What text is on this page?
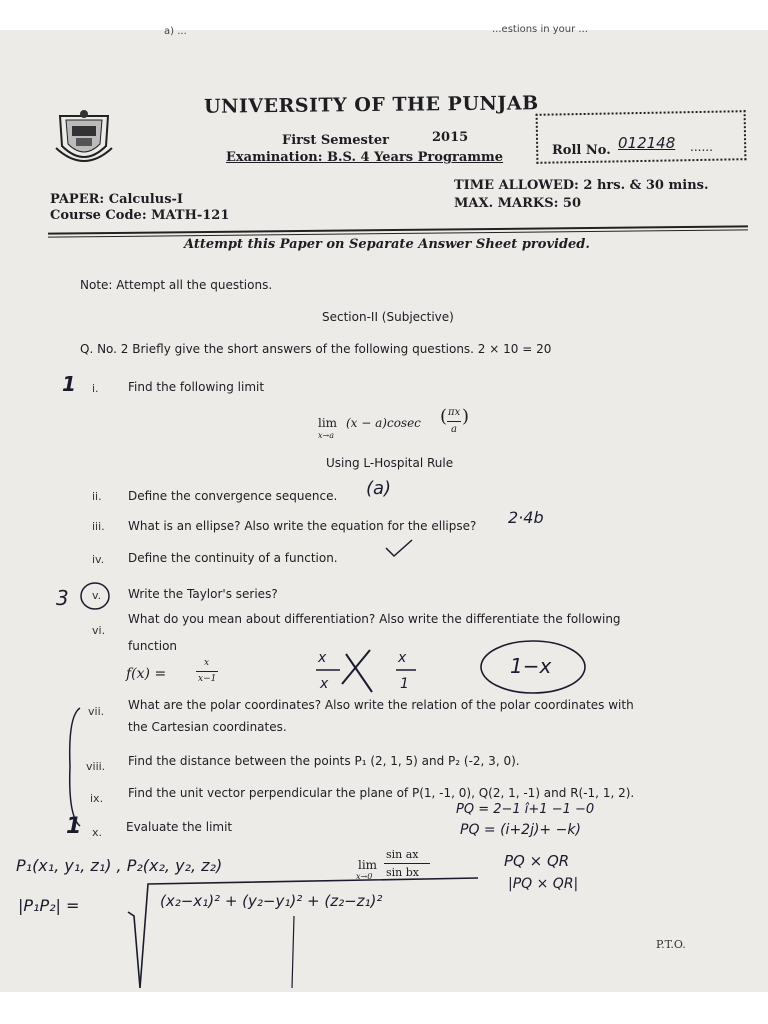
a) ...	...estions in your ...
UNIVERSITY OF THE PUNJAB
First Semester	2015
Examination: B.S. 4 Years Programme	Roll No. 012148 ......
PAPER: Calculus-I
Course Code: MATH-121
TIME ALLOWED: 2 hrs. & 30 mins.
MAX. MARKS: 50
Attempt this Paper on Separate Answer Sheet provided.
Note: Attempt all the questions.
Section-II (Subjective)
Q. No. 2 Briefly give the short answers of the following questions. 2 × 10 = 20
1 i. Find the following limit
lim
x→a
(x − a)cosec ( πx
a
)
Using L-Hospital Rule
ii. Define the convergence sequence. (a)
iii. What is an ellipse? Also write the equation for the ellipse? 2·4b
iv. Define the continuity of a function.
3 v. Write the Taylor's series?
vi.
What do you mean about differentiation? Also write the differentiate the following
function
f(x) =
x
x−1
x
x
x
1
1−x
vii. What are the polar coordinates? Also write the relation of the polar coordinates with
the Cartesian coordinates.
viii. Find the distance between the points P₁ (2, 1, 5) and P₂ (-2, 3, 0).
ix. Find the unit vector perpendicular the plane of P(1, -1, 0), Q(2, 1, -1) and R(-1, 1, 2).
PQ = 2−1 î+1 −1 −0
PQ = (i+2j)+ −k)
1 x. Evaluate the limit
lim
x→0
sin ax
sin bx
PQ × QR
|PQ × QR|
P₁(x₁, y₁, z₁) , P₂(x₂, y₂, z₂)
|P₁P₂| =	(x₂−x₁)² + (y₂−y₁)² + (z₂−z₁)²
P.T.O.
